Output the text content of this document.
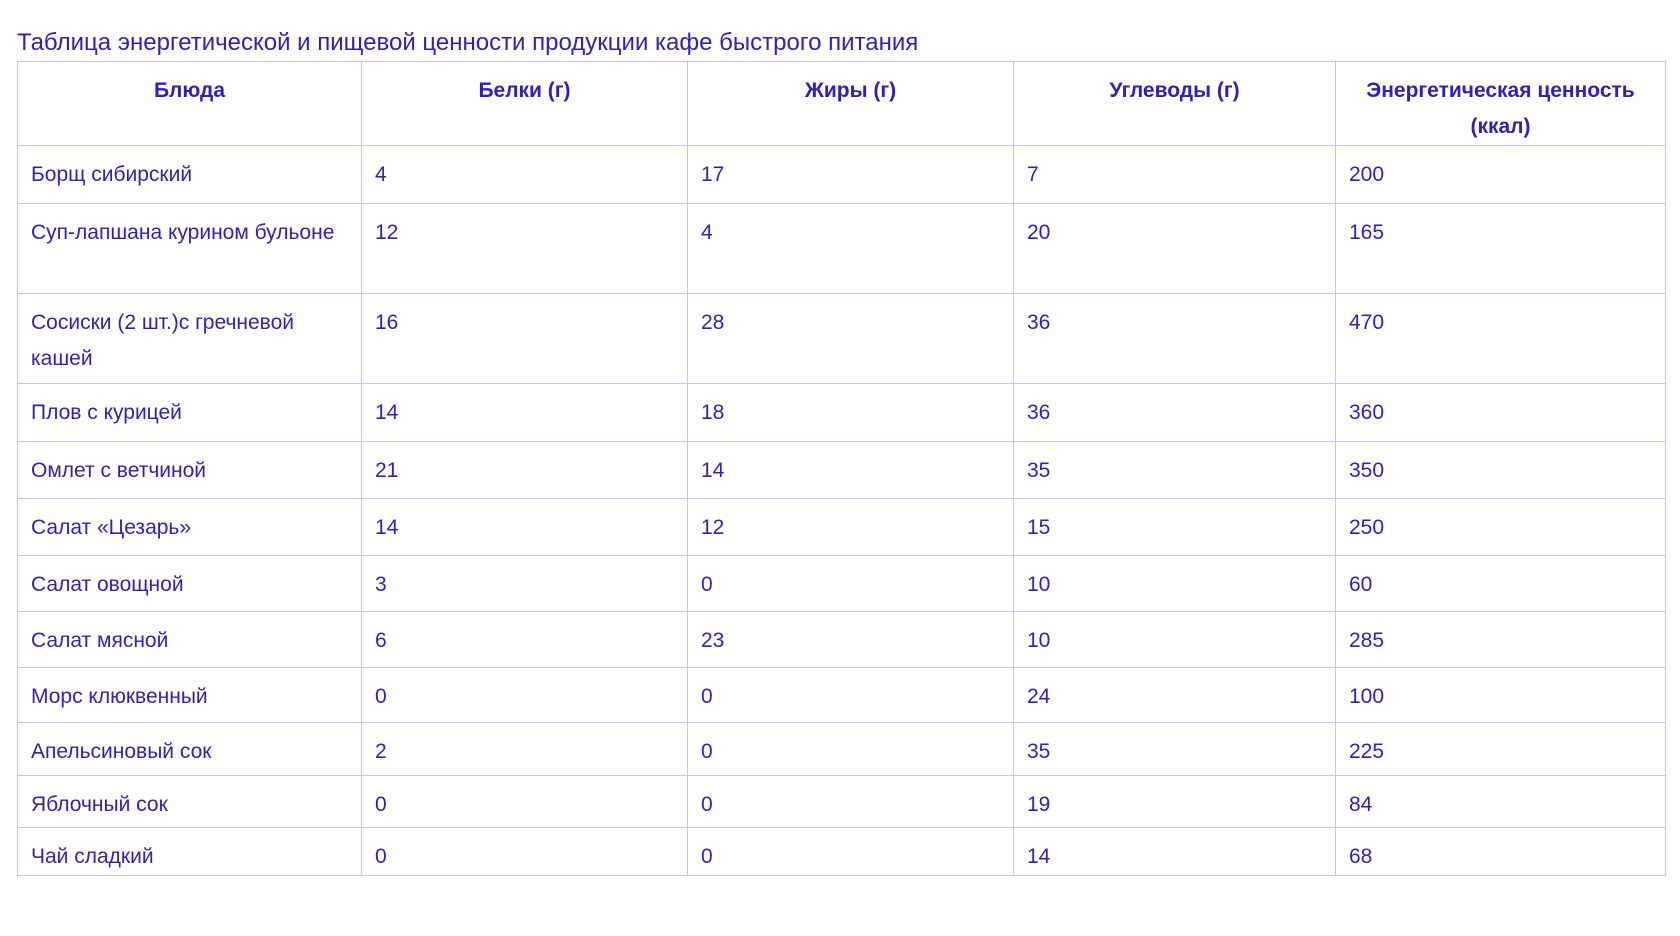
Таблица энергетической и пищевой ценности продукции кафе быстрого питания
Блюда	Белки (г)	Жиры (г)	Углеводы (г)	Энергетическая ценность (ккал)
Борщ сибирский	4	17	7	200
Суп-лапшана курином бульоне	12	4	20	165
Сосиски (2 шт.)с гречневой кашей	16	28	36	470
Плов с курицей	14	18	36	360
Омлет с ветчиной	21	14	35	350
Салат «Цезарь»	14	12	15	250
Салат овощной	3	0	10	60
Салат мясной	6	23	10	285
Морс клюквенный	0	0	24	100
Апельсиновый сок	2	0	35	225
Яблочный сок	0	0	19	84
Чай сладкий	0	0	14	68
